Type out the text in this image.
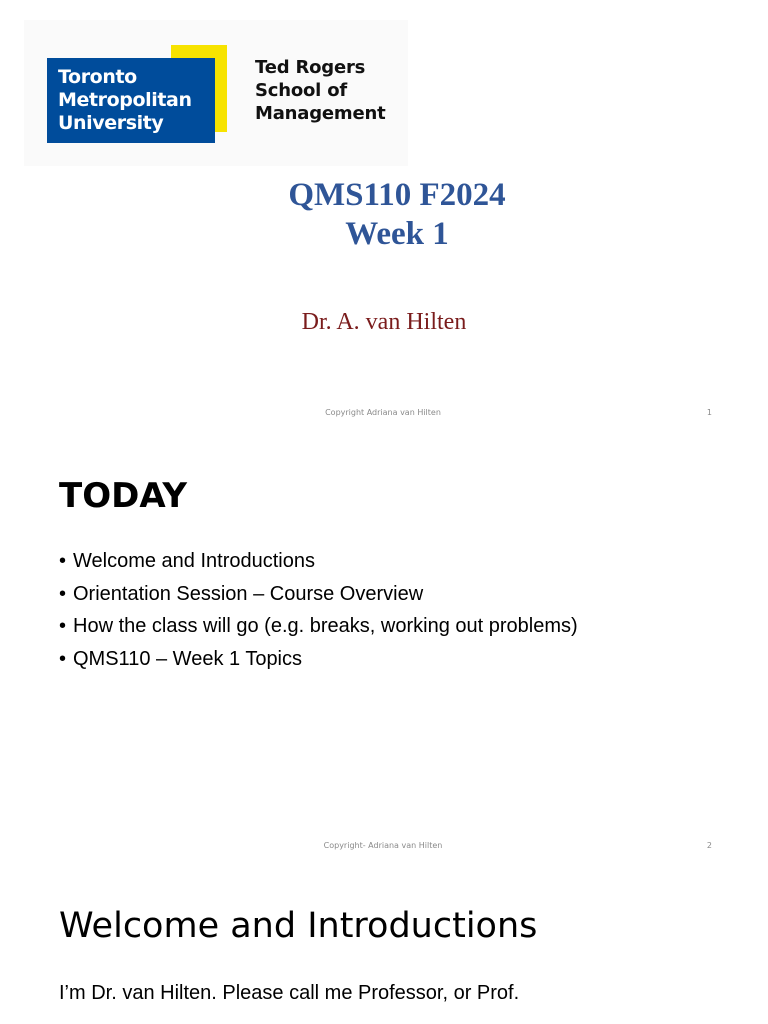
Toronto
Metropolitan
University
Ted Rogers
School of
Management
QMS110 F2024
Week 1
Dr. A. van Hilten
Copyright Adriana van Hilten	1
TODAY
• Welcome and Introductions
• Orientation Session – Course Overview
• How the class will go (e.g. breaks, working out problems)
• QMS110 – Week 1 Topics
Copyright- Adriana van Hilten	2
Welcome and Introductions
I’m Dr. van Hilten. Please call me Professor, or Prof.
